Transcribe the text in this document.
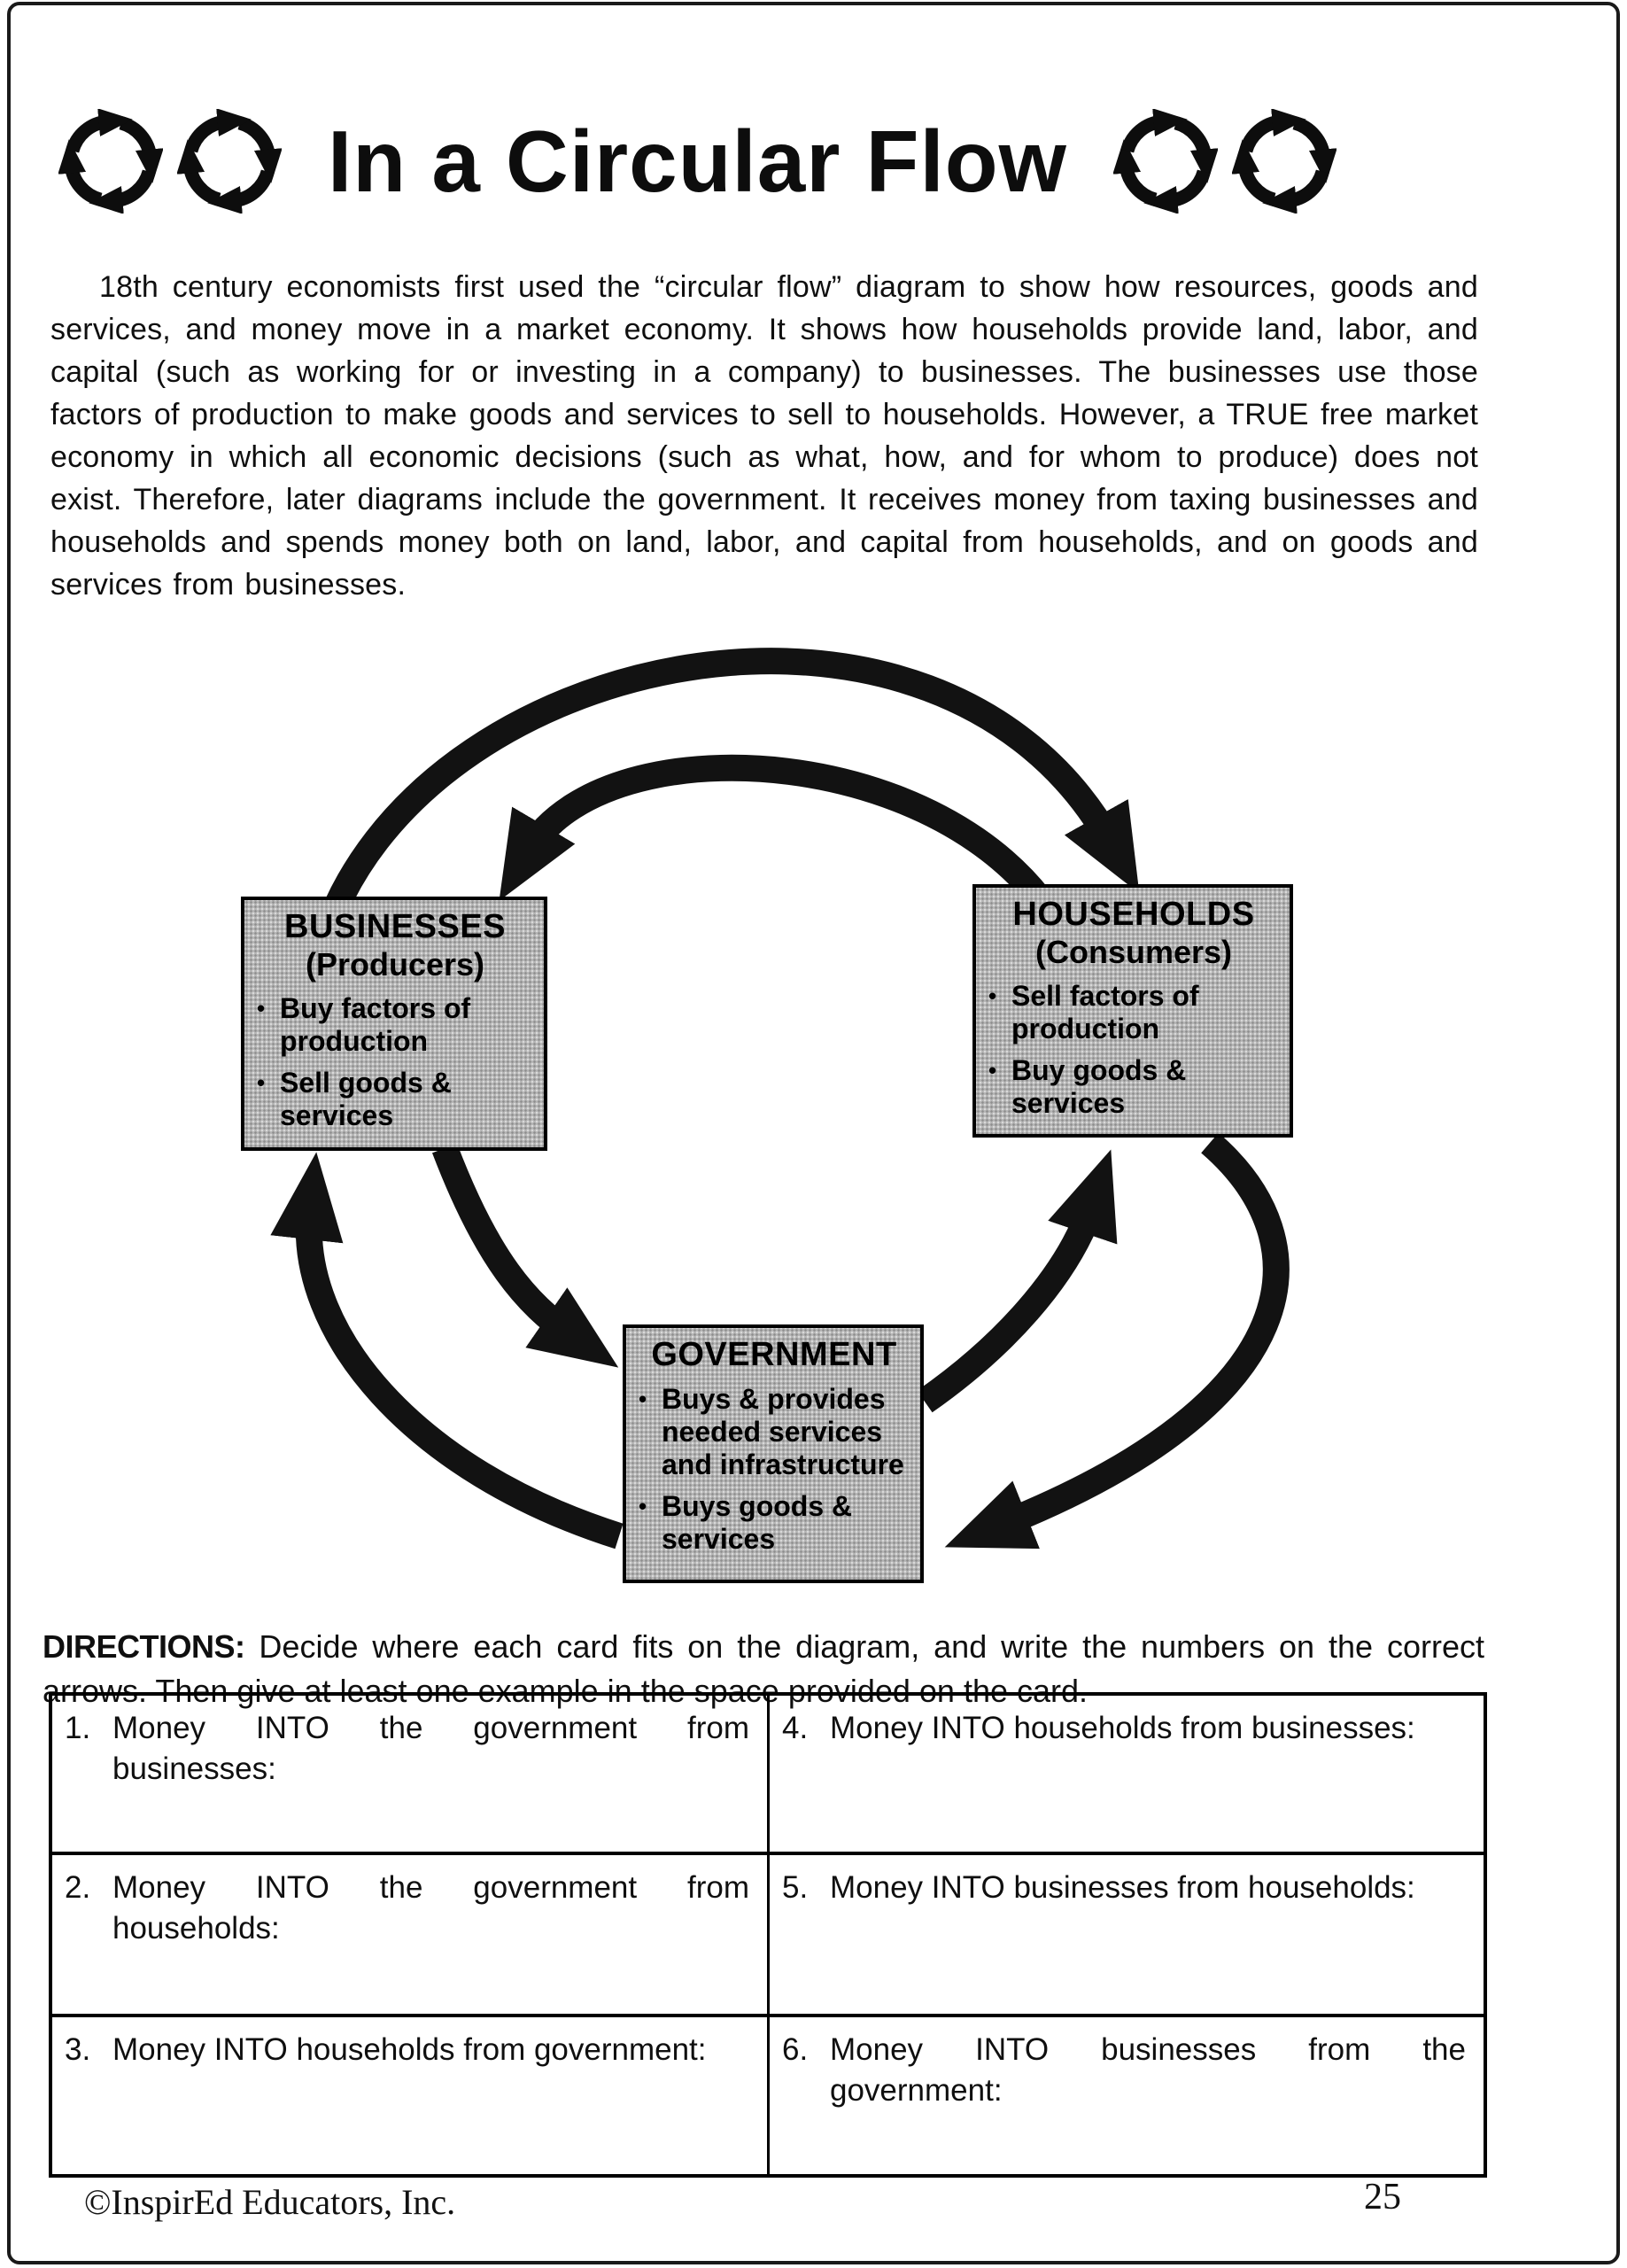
In a Circular Flow

18th century economists first used the “circular flow” diagram to show how resources, goods and services, and money move in a market economy. It shows how households provide land, labor, and capital (such as working for or investing in a company) to businesses. The businesses use those factors of production to make goods and services to sell to households. However, a TRUE free market economy in which all economic decisions (such as what, how, and for whom to produce) does not exist. Therefore, later diagrams include the government. It receives money from taxing businesses and households and spends money both on land, labor, and capital from households, and on goods and services from businesses.

BUSINESSES
(Producers)
• Buy factors of production
• Sell goods & services
HOUSEHOLDS
(Consumers)
• Sell factors of production
• Buy goods & services
GOVERNMENT
• Buys & provides needed services and infrastructure
• Buys goods & services

DIRECTIONS: Decide where each card fits on the diagram, and write the numbers on the correct arrows. Then give at least one example in the space provided on the card.

1. Money INTO the government from businesses:
4. Money INTO households from businesses:
2. Money INTO the government from households:
5. Money INTO businesses from households:
3. Money INTO households from government:	6. Money INTO businesses from the government:
©InspirEd Educators, Inc.	25
